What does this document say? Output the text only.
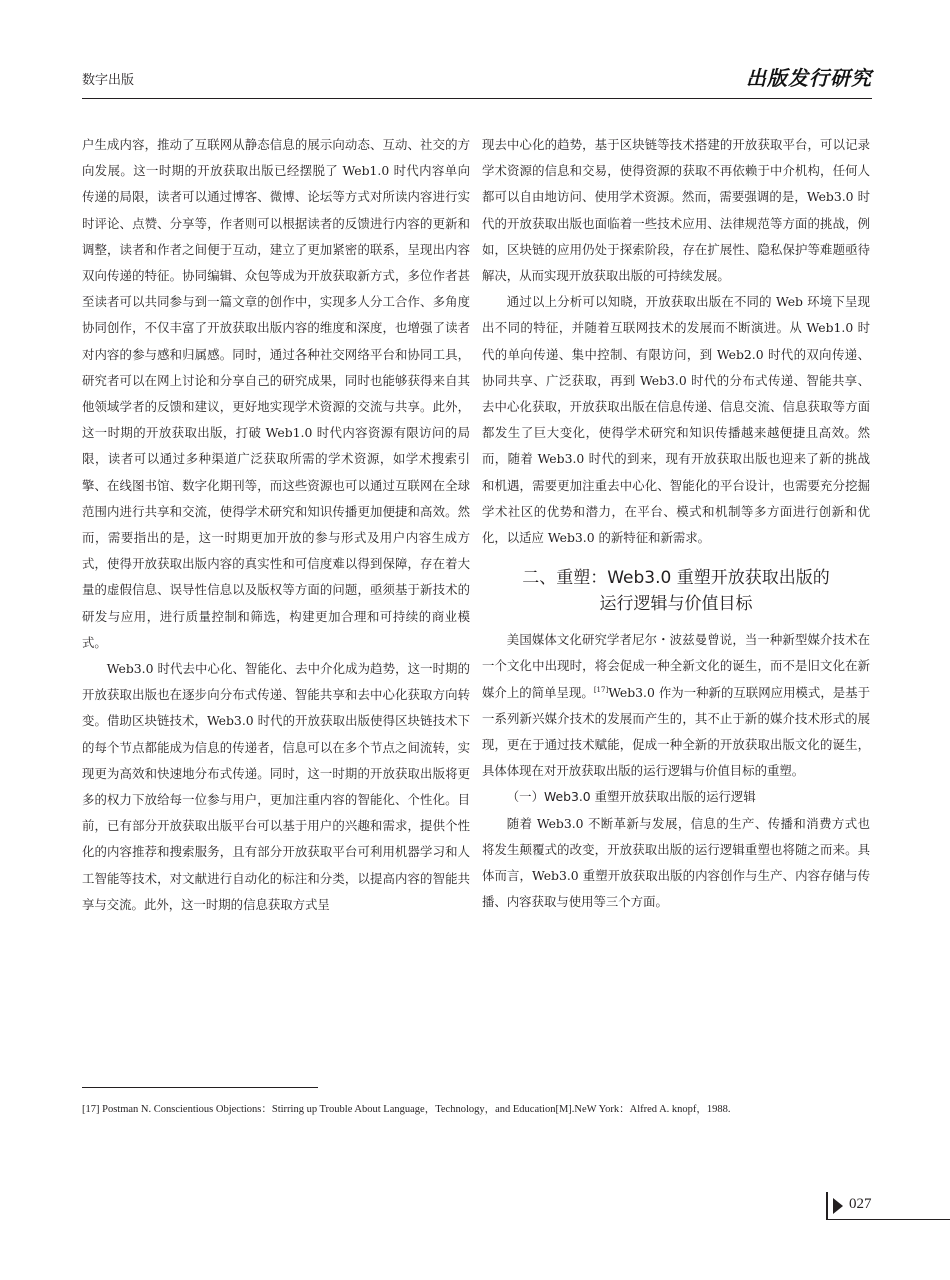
数字出版	出版发行研究

户生成内容，推动了互联网从静态信息的展示向动态、互动、社交的方向发展。这一时期的开放获取出版已经摆脱了 Web1.0 时代内容单向传递的局限，读者可以通过博客、微博、论坛等方式对所读内容进行实时评论、点赞、分享等，作者则可以根据读者的反馈进行内容的更新和调整，读者和作者之间便于互动，建立了更加紧密的联系，呈现出内容双向传递的特征。协同编辑、众包等成为开放获取新方式，多位作者甚至读者可以共同参与到一篇文章的创作中，实现多人分工合作、多角度协同创作，不仅丰富了开放获取出版内容的维度和深度，也增强了读者对内容的参与感和归属感。同时，通过各种社交网络平台和协同工具，研究者可以在网上讨论和分享自己的研究成果，同时也能够获得来自其他领域学者的反馈和建议，更好地实现学术资源的交流与共享。此外，这一时期的开放获取出版，打破 Web1.0 时代内容资源有限访问的局限，读者可以通过多种渠道广泛获取所需的学术资源，如学术搜索引擎、在线图书馆、数字化期刊等，而这些资源也可以通过互联网在全球范围内进行共享和交流，使得学术研究和知识传播更加便捷和高效。然而，需要指出的是，这一时期更加开放的参与形式及用户内容生成方式，使得开放获取出版内容的真实性和可信度难以得到保障，存在着大量的虚假信息、误导性信息以及版权等方面的问题，亟须基于新技术的研发与应用，进行质量控制和筛选，构建更加合理和可持续的商业模式。

Web3.0 时代去中心化、智能化、去中介化成为趋势，这一时期的开放获取出版也在逐步向分布式传递、智能共享和去中心化获取方向转变。借助区块链技术，Web3.0 时代的开放获取出版使得区块链技术下的每个节点都能成为信息的传递者，信息可以在多个节点之间流转，实现更为高效和快速地分布式传递。同时，这一时期的开放获取出版将更多的权力下放给每一位参与用户，更加注重内容的智能化、个性化。目前，已有部分开放获取出版平台可以基于用户的兴趣和需求，提供个性化的内容推荐和搜索服务，且有部分开放获取平台可利用机器学习和人工智能等技术，对文献进行自动化的标注和分类，以提高内容的智能共享与交流。此外，这一时期的信息获取方式呈

现去中心化的趋势，基于区块链等技术搭建的开放获取平台，可以记录学术资源的信息和交易，使得资源的获取不再依赖于中介机构，任何人都可以自由地访问、使用学术资源。然而，需要强调的是，Web3.0 时代的开放获取出版也面临着一些技术应用、法律规范等方面的挑战，例如，区块链的应用仍处于探索阶段，存在扩展性、隐私保护等难题亟待解决，从而实现开放获取出版的可持续发展。

通过以上分析可以知晓，开放获取出版在不同的 Web 环境下呈现出不同的特征，并随着互联网技术的发展而不断演进。从 Web1.0 时代的单向传递、集中控制、有限访问，到 Web2.0 时代的双向传递、协同共享、广泛获取，再到 Web3.0 时代的分布式传递、智能共享、去中心化获取，开放获取出版在信息传递、信息交流、信息获取等方面都发生了巨大变化，使得学术研究和知识传播越来越便捷且高效。然而，随着 Web3.0 时代的到来，现有开放获取出版也迎来了新的挑战和机遇，需要更加注重去中心化、智能化的平台设计，也需要充分挖掘学术社区的优势和潜力，在平台、模式和机制等多方面进行创新和优化，以适应 Web3.0 的新特征和新需求。

二、重塑：Web3.0 重塑开放获取出版的
运行逻辑与价值目标

美国媒体文化研究学者尼尔・波兹曼曾说，当一种新型媒介技术在一个文化中出现时，将会促成一种全新文化的诞生，而不是旧文化在新媒介上的简单呈现。[17]Web3.0 作为一种新的互联网应用模式，是基于一系列新兴媒介技术的发展而产生的，其不止于新的媒介技术形式的展现，更在于通过技术赋能，促成一种全新的开放获取出版文化的诞生，具体体现在对开放获取出版的运行逻辑与价值目标的重塑。

（一）Web3.0 重塑开放获取出版的运行逻辑

随着 Web3.0 不断革新与发展，信息的生产、传播和消费方式也将发生颠覆式的改变，开放获取出版的运行逻辑重塑也将随之而来。具体而言，Web3.0 重塑开放获取出版的内容创作与生产、内容存储与传播、内容获取与使用等三个方面。

[17] Postman N. Conscientious Objections：Stirring up Trouble About Language，Technology，and Education[M].NeW York：Alfred A. knopf，1988.
027
